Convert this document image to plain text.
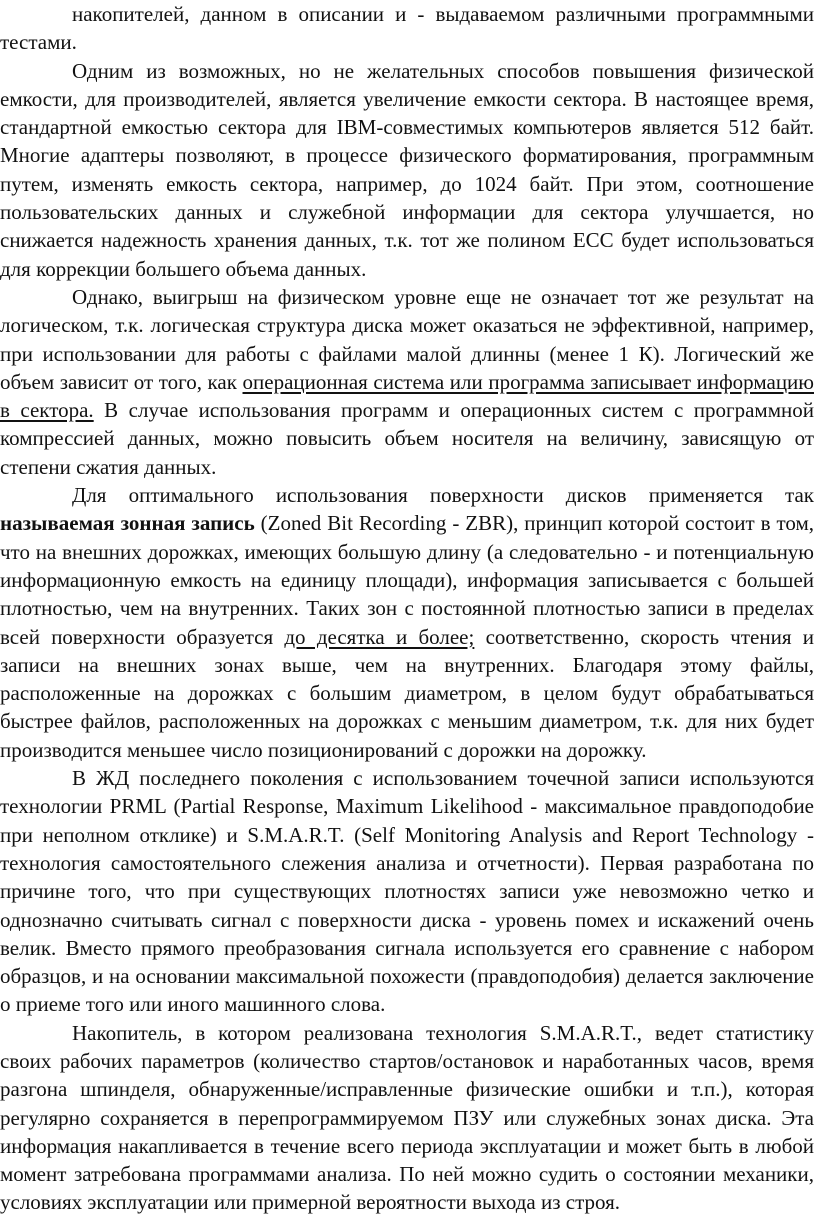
накопителей, данном в описании и - выдаваемом различными программными тестами.

Одним из возможных, но не желательных способов повышения физической емкости, для производителей, является увеличение емкости сектора. В настоящее время, стандартной емкостью сектора для IBM-совместимых компьютеров является 512 байт. Многие адаптеры позволяют, в процессе физического форматирования, программным путем, изменять емкость сектора, например, до 1024 байт. При этом, соотношение пользовательских данных и служебной информации для сектора улучшается, но снижается надежность хранения данных, т.к. тот же полином ECC будет использоваться для коррекции большего объема данных.

Однако, выигрыш на физическом уровне еще не означает тот же результат на логическом, т.к. логическая структура диска может оказаться не эффективной, например, при использовании для работы с файлами малой длинны (менее 1 К). Логический же объем зависит от того, как операционная система или программа записывает информацию в сектора. В случае использования программ и операционных систем с программной компрессией данных, можно повысить объем носителя на величину, зависящую от степени сжатия данных.

Для оптимального использования поверхности дисков применяется так называемая зонная запись (Zoned Bit Recording - ZBR), принцип которой состоит в том, что на внешних дорожках, имеющих большую длину (а следовательно - и потенциальную информационную емкость на единицу площади), информация записывается с большей плотностью, чем на внутренних. Таких зон с постоянной плотностью записи в пределах всей поверхности образуется до десятка и более; соответственно, скорость чтения и записи на внешних зонах выше, чем на внутренних. Благодаря этому файлы, расположенные на дорожках с большим диаметром, в целом будут обрабатываться быстрее файлов, расположенных на дорожках с меньшим диаметром, т.к. для них будет производится меньшее число позиционирований с дорожки на дорожку.

В ЖД последнего поколения с использованием точечной записи используются технологии PRML (Partial Response, Maximum Likelihood - максимальное правдоподобие при неполном отклике) и S.M.A.R.T. (Self Monitoring Analysis and Report Technology - технология самостоятельного слежения анализа и отчетности). Первая разработана по причине того, что при существующих плотностях записи уже невозможно четко и однозначно считывать сигнал с поверхности диска - уровень помех и искажений очень велик. Вместо прямого преобразования сигнала используется его сравнение с набором образцов, и на основании максимальной похожести (правдоподобия) делается заключение о приеме того или иного машинного слова.

Накопитель, в котором реализована технология S.M.A.R.T., ведет статистику своих рабочих параметров (количество стартов/остановок и наработанных часов, время разгона шпинделя, обнаруженные/исправленные физические ошибки и т.п.), которая регулярно сохраняется в перепрограммируемом ПЗУ или служебных зонах диска. Эта информация накапливается в течение всего периода эксплуатации и может быть в любой момент затребована программами анализа. По ней можно судить о состоянии механики, условиях эксплуатации или примерной вероятности выхода из строя.
